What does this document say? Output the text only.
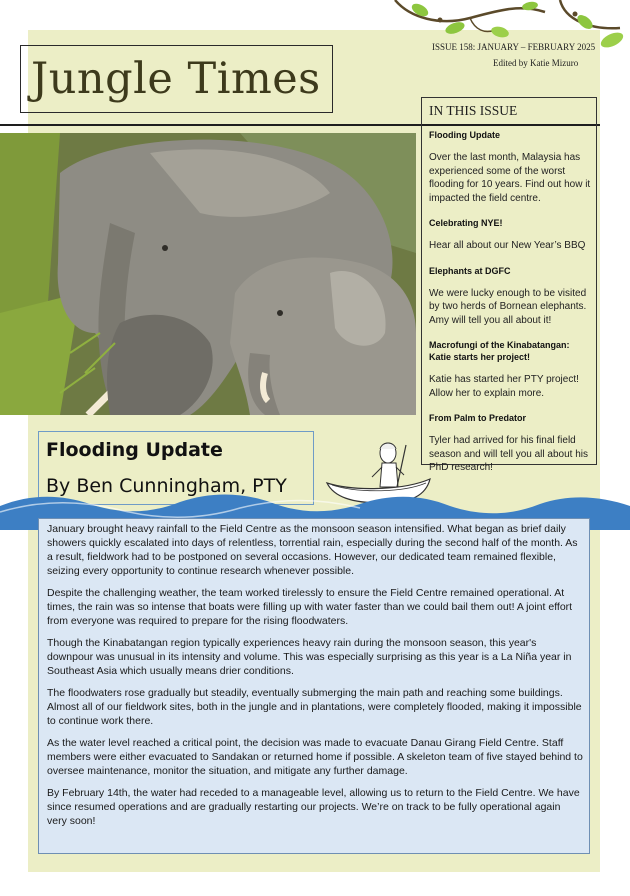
Jungle Times
ISSUE 158: JANUARY – FEBRUARY 2025
Edited by Katie Mizuro
IN THIS ISSUE
Flooding Update
Over the last month, Malaysia has experienced some of the worst flooding for 10 years. Find out how it impacted the field centre.
Celebrating NYE!
Hear all about our New Year’s BBQ
Elephants at DGFC
We were lucky enough to be visited by two herds of Bornean elephants. Amy will tell you all about it!
Macrofungi of the Kinabatangan: Katie starts her project!
Katie has started her PTY project! Allow her to explain more.
From Palm to Predator
Tyler had arrived for his final field season and will tell you all about his PhD research!
Flooding Update
By Ben Cunningham, PTY

January brought heavy rainfall to the Field Centre as the monsoon season intensified. What began as brief daily showers quickly escalated into days of relentless, torrential rain, especially during the second half of the month. As a result, fieldwork had to be postponed on several occasions. However, our dedicated team remained flexible, seizing every opportunity to continue research whenever possible.

Despite the challenging weather, the team worked tirelessly to ensure the Field Centre remained operational. At times, the rain was so intense that boats were filling up with water faster than we could bail them out! A joint effort from everyone was required to prepare for the rising floodwaters.

Though the Kinabatangan region typically experiences heavy rain during the monsoon season, this year's downpour was unusual in its intensity and volume. This was especially surprising as this year is a La Niña year in Southeast Asia which usually means drier conditions.

The floodwaters rose gradually but steadily, eventually submerging the main path and reaching some buildings. Almost all of our fieldwork sites, both in the jungle and in plantations, were completely flooded, making it impossible to continue work there.

As the water level reached a critical point, the decision was made to evacuate Danau Girang Field Centre. Staff members were either evacuated to Sandakan or returned home if possible. A skeleton team of five stayed behind to oversee maintenance, monitor the situation, and mitigate any further damage.

By February 14th, the water had receded to a manageable level, allowing us to return to the Field Centre. We have since resumed operations and are gradually restarting our projects. We’re on track to be fully operational again very soon!
